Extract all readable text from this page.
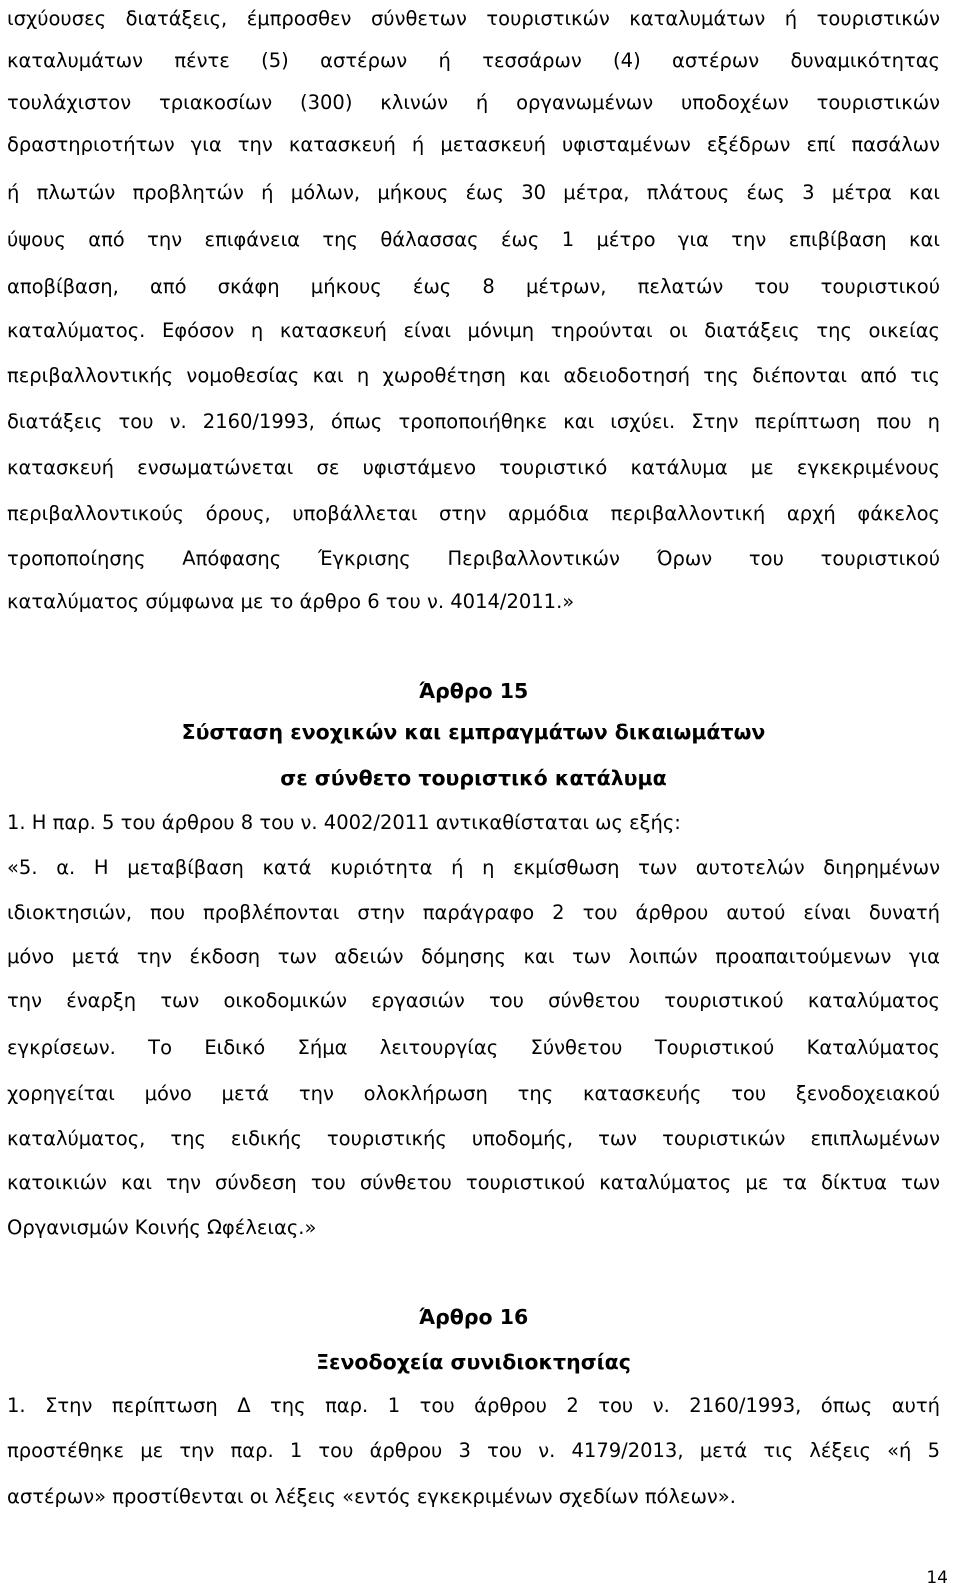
ισχύουσες διατάξεις, έμπροσθεν σύνθετων τουριστικών καταλυμάτων ή τουριστικών
καταλυμάτων πέντε (5) αστέρων ή τεσσάρων (4) αστέρων δυναμικότητας
τουλάχιστον τριακοσίων (300) κλινών ή οργανωμένων υποδοχέων τουριστικών
δραστηριοτήτων για την κατασκευή ή μετασκευή υφισταμένων εξέδρων επί πασάλων
ή πλωτών προβλητών ή μόλων, μήκους έως 30 μέτρα, πλάτους έως 3 μέτρα και
ύψους από την επιφάνεια της θάλασσας έως 1 μέτρο για την επιβίβαση και
αποβίβαση, από σκάφη μήκους έως 8 μέτρων, πελατών του τουριστικού
καταλύματος. Εφόσον η κατασκευή είναι μόνιμη τηρούνται οι διατάξεις της οικείας
περιβαλλοντικής νομοθεσίας και η χωροθέτηση και αδειοδοτησή της διέπονται από τις
διατάξεις του ν. 2160/1993, όπως τροποποιήθηκε και ισχύει. Στην περίπτωση που η
κατασκευή ενσωματώνεται σε υφιστάμενο τουριστικό κατάλυμα με εγκεκριμένους
περιβαλλοντικούς όρους, υποβάλλεται στην αρμόδια περιβαλλοντική αρχή φάκελος
τροποποίησης Απόφασης Έγκρισης Περιβαλλοντικών Όρων του τουριστικού
καταλύματος σύμφωνα με το άρθρο 6 του ν. 4014/2011.»
Άρθρο 15
Σύσταση ενοχικών και εμπραγμάτων δικαιωμάτων
σε σύνθετο τουριστικό κατάλυμα
1. Η παρ. 5 του άρθρου 8 του ν. 4002/2011 αντικαθίσταται ως εξής:
«5. α. Η μεταβίβαση κατά κυριότητα ή η εκμίσθωση των αυτοτελών διηρημένων
ιδιοκτησιών, που προβλέπονται στην παράγραφο 2 του άρθρου αυτού είναι δυνατή
μόνο μετά την έκδοση των αδειών δόμησης και των λοιπών προαπαιτούμενων για
την έναρξη των οικοδομικών εργασιών του σύνθετου τουριστικού καταλύματος
εγκρίσεων. Το Ειδικό Σήμα λειτουργίας Σύνθετου Τουριστικού Καταλύματος
χορηγείται μόνο μετά την ολοκλήρωση της κατασκευής του ξενοδοχειακού
καταλύματος, της ειδικής τουριστικής υποδομής, των τουριστικών επιπλωμένων
κατοικιών και την σύνδεση του σύνθετου τουριστικού καταλύματος με τα δίκτυα των
Οργανισμών Κοινής Ωφέλειας.»
Άρθρο 16
Ξενοδοχεία συνιδιοκτησίας
1. Στην περίπτωση Δ της παρ. 1 του άρθρου 2 του ν. 2160/1993, όπως αυτή
προστέθηκε με την παρ. 1 του άρθρου 3 του ν. 4179/2013, μετά τις λέξεις «ή 5
αστέρων» προστίθενται οι λέξεις «εντός εγκεκριμένων σχεδίων πόλεων».
14
